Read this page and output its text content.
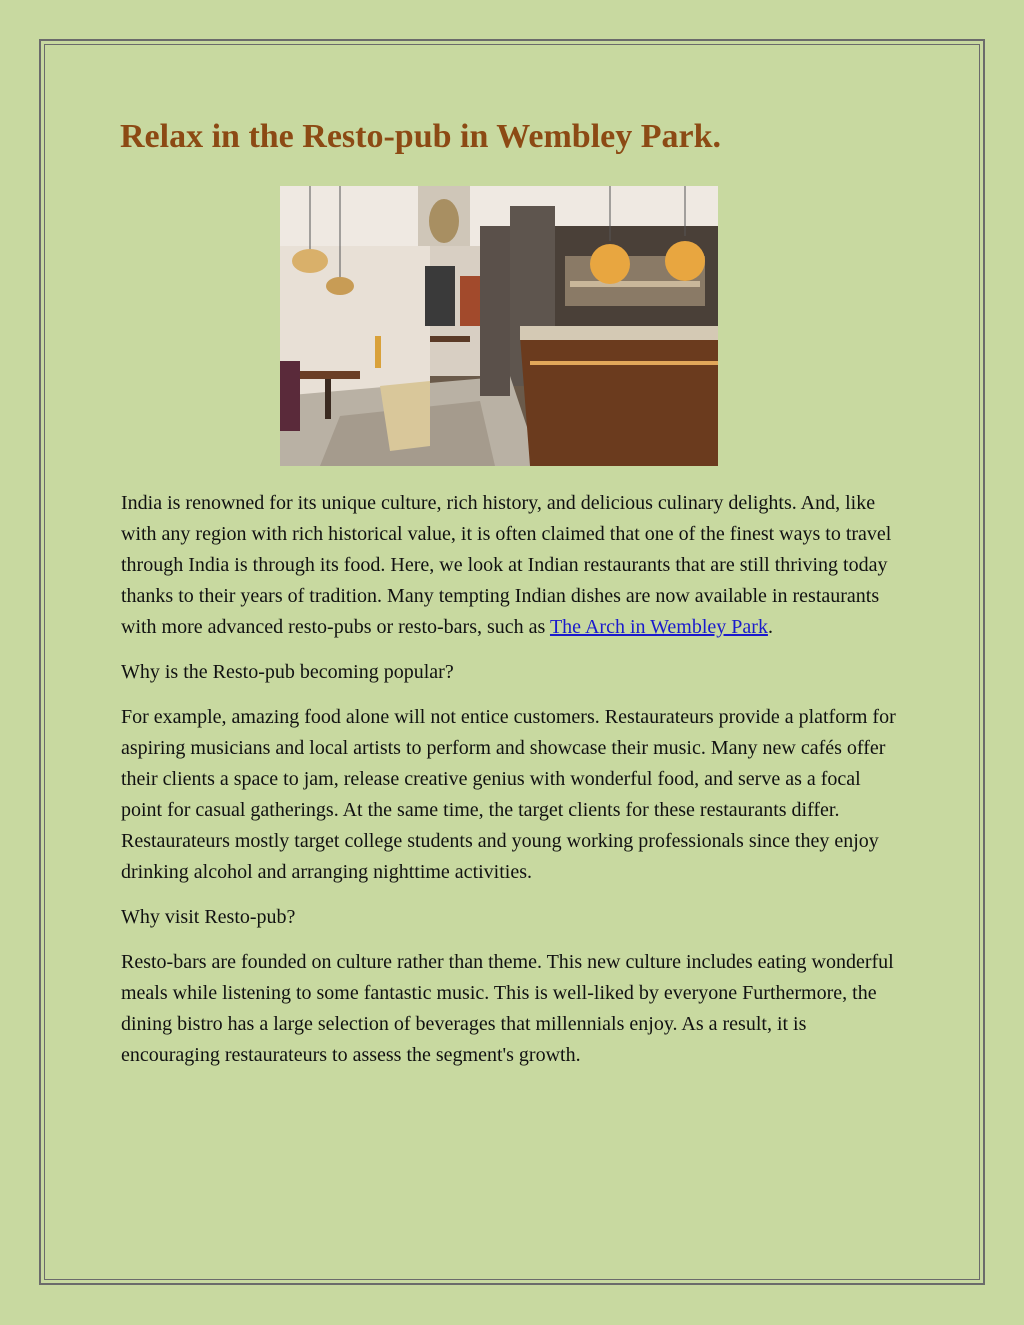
Relax in the Resto-pub in Wembley Park.

India is renowned for its unique culture, rich history, and delicious culinary delights. And, like with any region with rich historical value, it is often claimed that one of the finest ways to travel through India is through its food. Here, we look at Indian restaurants that are still thriving today thanks to their years of tradition. Many tempting Indian dishes are now available in restaurants with more advanced resto-pubs or resto-bars, such as The Arch in Wembley Park.

Why is the Resto-pub becoming popular?

For example, amazing food alone will not entice customers. Restaurateurs provide a platform for aspiring musicians and local artists to perform and showcase their music. Many new cafés offer their clients a space to jam, release creative genius with wonderful food, and serve as a focal point for casual gatherings. At the same time, the target clients for these restaurants differ. Restaurateurs mostly target college students and young working professionals since they enjoy drinking alcohol and arranging nighttime activities.

Why visit Resto-pub?

Resto-bars are founded on culture rather than theme. This new culture includes eating wonderful meals while listening to some fantastic music. This is well-liked by everyone Furthermore, the dining bistro has a large selection of beverages that millennials enjoy. As a result, it is encouraging restaurateurs to assess the segment's growth.
